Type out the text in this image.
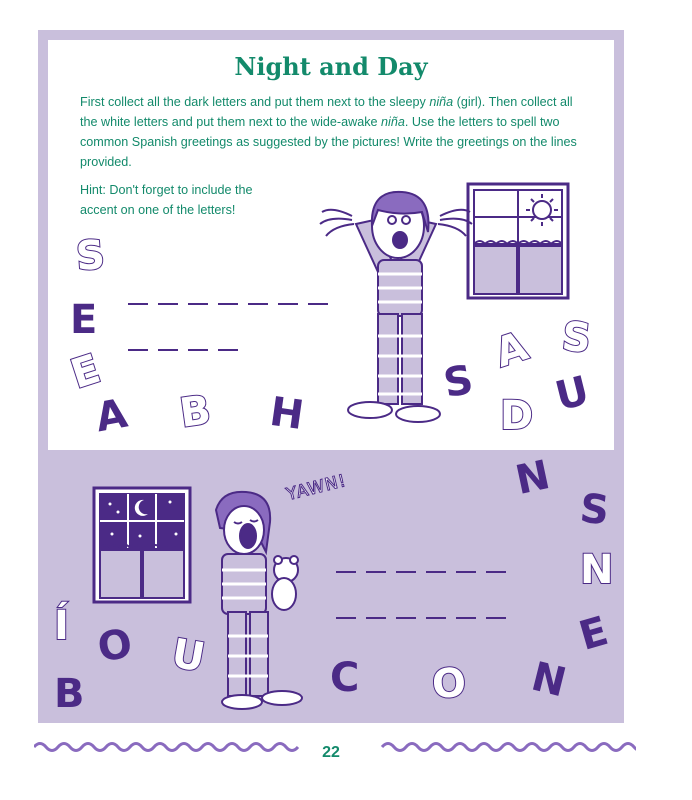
Night and Day

First collect all the dark letters and put them next to the sleepy niña (girl). Then collect all the white letters and put them next to the wide-awake niña. Use the letters to spell two common Spanish greetings as suggested by the pictures! Write the greetings on the lines provided.

Hint: Don't forget to include the accent on one of the letters!

YAWN!
S
E
E
A B H
S
A S
D U
N
S
N
Í O U	E
B	C O N
22
